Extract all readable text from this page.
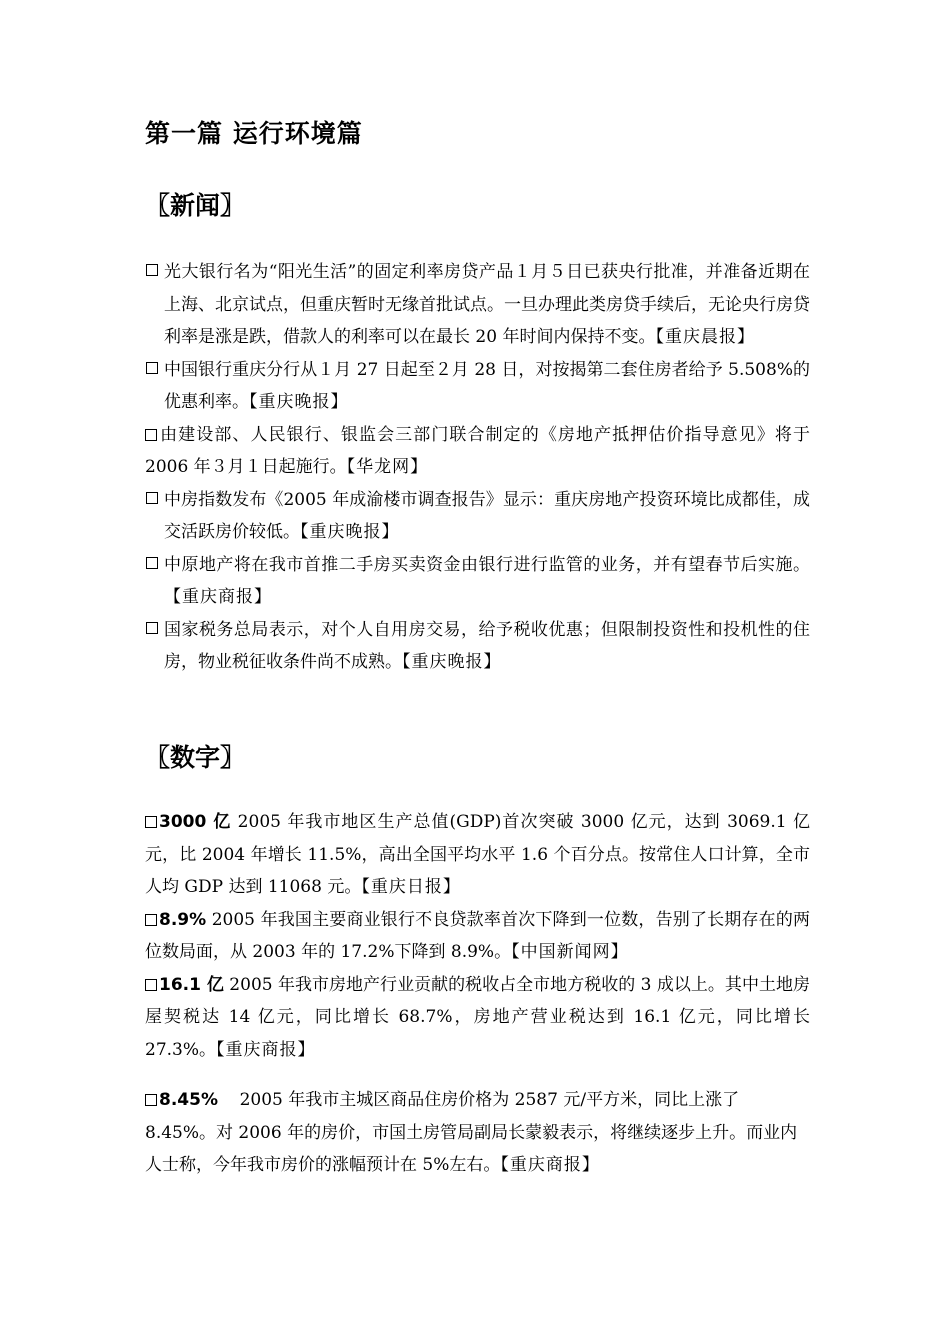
第一篇 运行环境篇
〖新闻〗

光大银行名为“阳光生活”的固定利率房贷产品１月５日已获央行批准，并准备近期在上海、北京试点，但重庆暂时无缘首批试点。一旦办理此类房贷手续后，无论央行房贷利率是涨是跌，借款人的利率可以在最长 20 年时间内保持不变。【重庆晨报】

中国银行重庆分行从１月 27 日起至２月 28 日，对按揭第二套住房者给予 5.508%的优惠利率。【重庆晚报】

由建设部、人民银行、银监会三部门联合制定的《房地产抵押估价指导意见》将于 2006 年３月１日起施行。【华龙网】

中房指数发布《2005 年成渝楼市调查报告》显示：重庆房地产投资环境比成都佳，成交活跃房价较低。【重庆晚报】

中原地产将在我市首推二手房买卖资金由银行进行监管的业务，并有望春节后实施。【重庆商报】

国家税务总局表示，对个人自用房交易，给予税收优惠；但限制投资性和投机性的住房，物业税征收条件尚不成熟。【重庆晚报】

〖数字〗

3000 亿 2005 年我市地区生产总值(GDP)首次突破 3000 亿元，达到 3069.1 亿元，比 2004 年增长 11.5%，高出全国平均水平 1.6 个百分点。按常住人口计算，全市人均 GDP 达到 11068 元。【重庆日报】

8.9% 2005 年我国主要商业银行不良贷款率首次下降到一位数，告别了长期存在的两位数局面，从 2003 年的 17.2%下降到 8.9%。【中国新闻网】

16.1 亿 2005 年我市房地产行业贡献的税收占全市地方税收的 3 成以上。其中土地房屋契税达 14 亿元，同比增长 68.7%，房地产营业税达到 16.1 亿元，同比增长 27.3%。【重庆商报】

8.45%    2005 年我市主城区商品住房价格为 2587 元/平方米，同比上涨了 8.45%。对 2006 年的房价，市国土房管局副局长蒙毅表示，将继续逐步上升。而业内人士称，今年我市房价的涨幅预计在 5%左右。【重庆商报】
